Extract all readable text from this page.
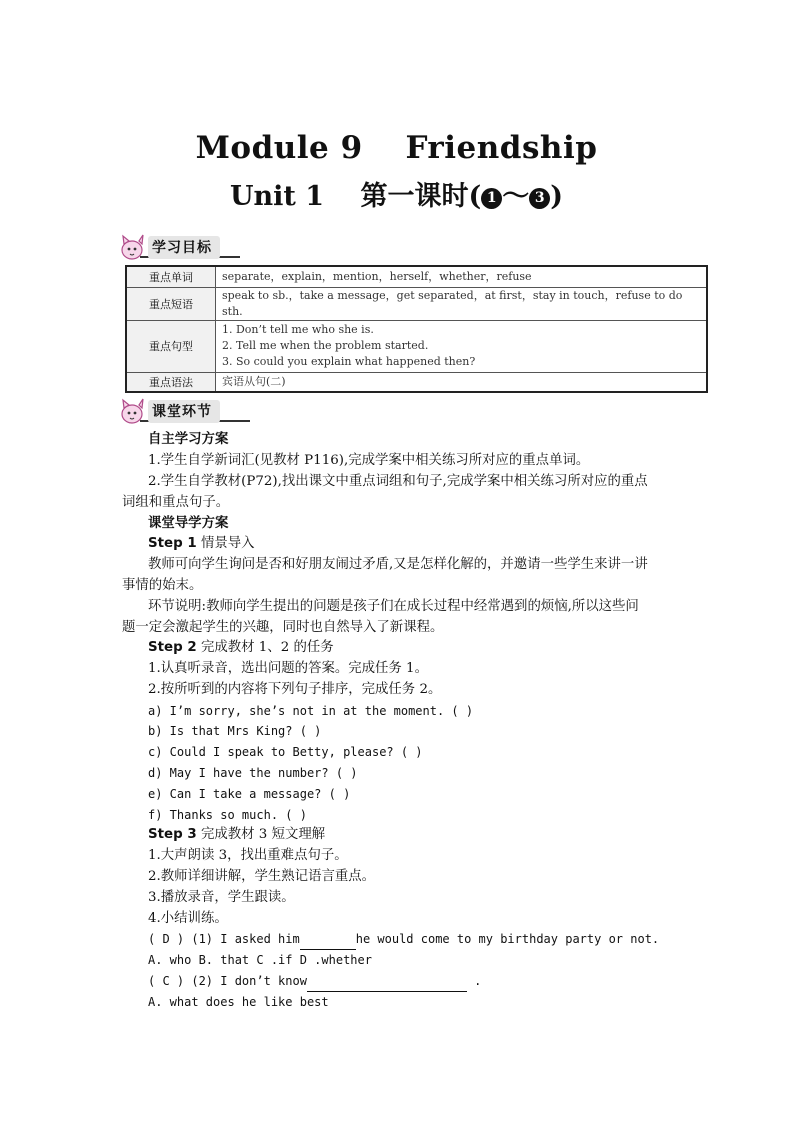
Module 9　 Friendship
Unit 1　 第一课时( 1 ～ 3 )
学习目标
重点单词	separate，explain，mention，herself，whether，refuse

重点短语	speak to sb.，take a message，get separated，at first，stay in touch，refuse to do sth.

重点句型	1. Don’t tell me who she is.
2. Tell me when the problem started.
3. So could you explain what happened then?

重点语法	宾语从句(二)
课堂环节
自主学习方案
1.学生自学新词汇(见教材 P116),完成学案中相关练习所对应的重点单词。
2.学生自学教材(P72),找出课文中重点词组和句子,完成学案中相关练习所对应的重点
词组和重点句子。
课堂导学方案
Step 1 情景导入
教师可向学生询问是否和好朋友闹过矛盾,又是怎样化解的，并邀请一些学生来讲一讲
事情的始末。
环节说明:教师向学生提出的问题是孩子们在成长过程中经常遇到的烦恼,所以这些问
题一定会激起学生的兴趣，同时也自然导入了新课程。
Step 2 完成教材 1、2 的任务
1.认真听录音，选出问题的答案。完成任务 1。
2.按所听到的内容将下列句子排序，完成任务 2。
a) I’m sorry, she’s not in at the moment. ( )
b) Is that Mrs King? ( )
c) Could I speak to Betty, please? ( )
d) May I have the number? ( )
e) Can I take a message? ( )
f) Thanks so much. ( )
Step 3 完成教材 3 短文理解
1.大声朗读 3，找出重难点句子。
2.教师详细讲解，学生熟记语言重点。
3.播放录音，学生跟读。
4.小结训练。
( D ) (1) I asked him	he would come to my birthday party or not.
A. who B. that C .if D .whether
( C ) (2) I don’t know	.
A. what does he like best
